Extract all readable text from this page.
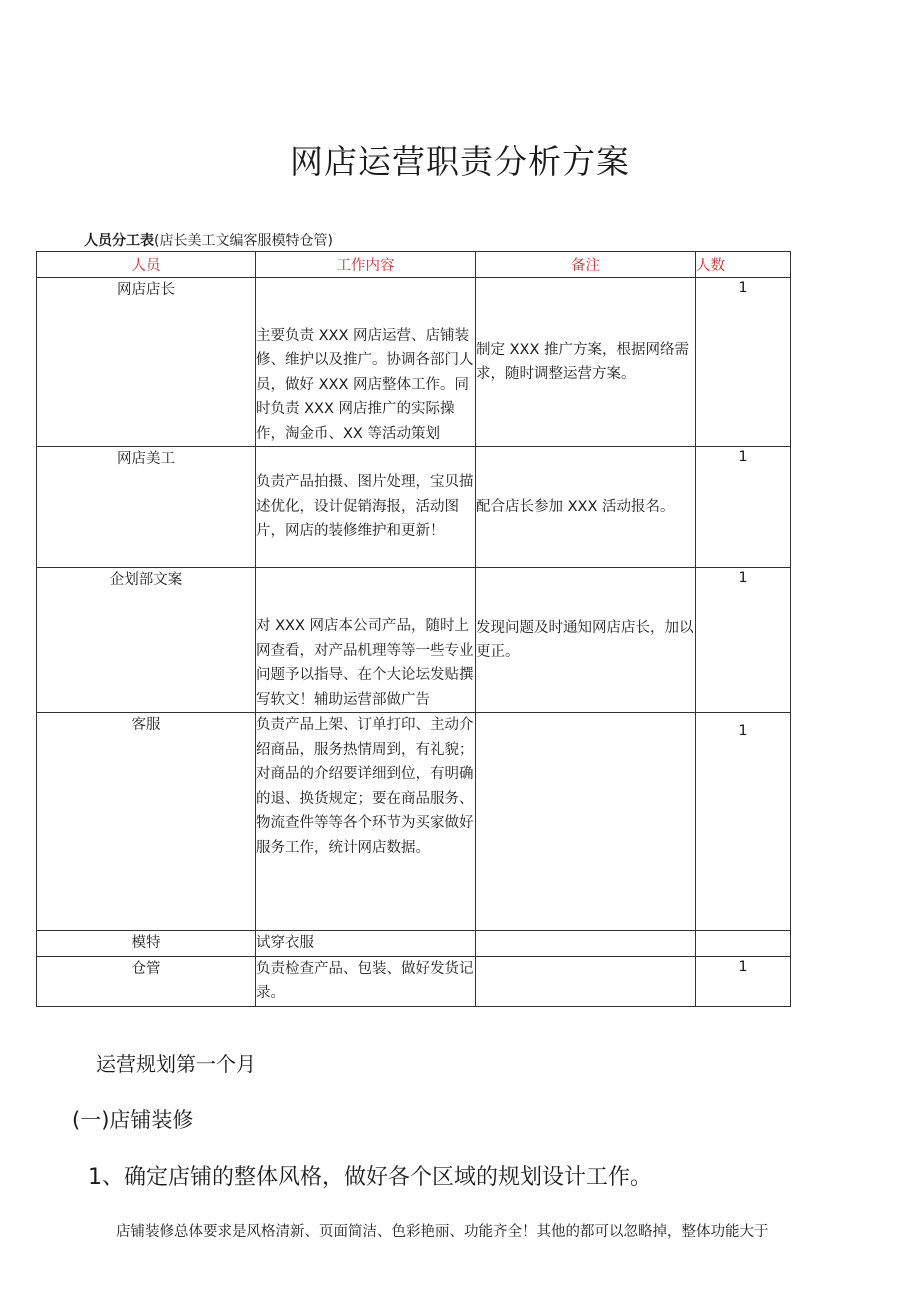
网店运营职责分析方案
人员分工表(店长美工文编客服模特仓管)
人员	工作内容	备注	人数
网店店长	主要负责 XXX 网店运营、店铺装修、维护以及推广。协调各部门人员，做好 XXX 网店整体工作。同时负责 XXX 网店推广的实际操作，淘金币、XX 等活动策划	制定 XXX 推广方案，根据网络需求，随时调整运营方案。	1
网店美工	负责产品拍摄、图片处理，宝贝描述优化，设计促销海报，活动图片，网店的装修维护和更新！	配合店长参加 XXX 活动报名。	1
企划部文案	对 XXX 网店本公司产品，随时上网查看，对产品机理等等一些专业问题予以指导、在个大论坛发贴撰写软文！辅助运营部做广告	发现问题及时通知网店店长，加以更正。	1
客服	负责产品上架、订单打印、主动介绍商品，服务热情周到，有礼貌；对商品的介绍要详细到位，有明确的退、换货规定；要在商品服务、物流查件等等各个环节为买家做好服务工作，统计网店数据。		1
模特	试穿衣服		
仓管	负责检查产品、包装、做好发货记录。		1
运营规划第一个月
(一)店铺装修
1、确定店铺的整体风格，做好各个区域的规划设计工作。
店铺装修总体要求是风格清新、页面简洁、色彩艳丽、功能齐全！其他的都可以忽略掉，整体功能大于
